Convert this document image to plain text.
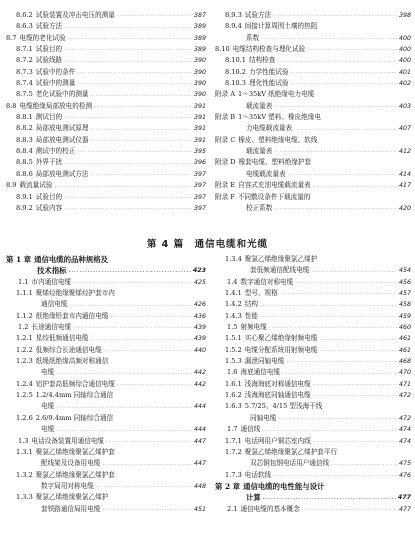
8.6.2 试验装置及冲击电压的测量 ·····	387
8.6.3 试验方法 ·····	389
8.7 电缆的老化试验 ·····	389
8.7.1 试验目的 ·····	389
8.7.2 试验线路 ·····	390
8.7.3 试验中的条件 ·····	390
8.7.4 试验中的测量 ·····	390
8.7.5 老化试验中的测量 ·····	390
8.8 电缆绝缘局部放电的检测 ·····	391
8.8.1 测试目的 ·····	391
8.8.2 局部放电测试原理 ·····	391
8.8.3 局部放电测试仪器 ·····	391
8.8.4 测试中的校正 ·····	395
8.8.5 外界干扰 ·····	396
8.8.6 局部放电测试方法 ·····	397
8.9 载流量试验 ·····	397
8.9.1 试验目的 ·····	397
8.9.2 试验内容 ·····	397
8.9.3 试验方法 ·····	398
8.9.4 间接计算周围土壤的热阻
系数 ·····	400
8.10 电缆结构检查与理化试验 ·····	400
8.10.1 结构检查 ·····	400
8.10.2 力学性能试验 ·····	401
8.10.3 理化性能试验 ·····	402
附录 A 1～35kV 纸绝缘电力电缆
载流量表 ·····	403
附录 B 1～35kV 塑料、橡皮绝缘电
力电缆载流量表 ·····	407
附录 C 橡皮、塑料绝缘电缆、软线
载流量表 ·····	412
附录 D 橡套电缆、塑料绝缘护套
电缆载流量表 ·····	414
附录 E 自容式充油电缆载流量表 ·····	417
附录 F 不同敷设条件下载流量的
校正系数 ·····	420
第 4 篇　通信电缆和光缆
第 1 章 通信电缆的品种规格及
技术指标 ·····	423
1.1 市内通信电缆 ·····	425
1.1.1 聚烯烃绝缘聚烯烃护套市内
通信电缆 ·····	426
1.1.2 纸绝缘铅套市内通信电缆 ·····	436
1.2 长途通信电缆 ·····	439
1.2.1 星绞低频通信电缆 ·····	439
1.2.2 低频综合长途通信电缆 ·····	440
1.2.3 纸绳纸绝缘高频对称通信
电缆 ·····	442
1.2.4 铝护套高低频综合通信电缆 ·····	442
1.2.5 1.2/4.4mm 同轴综合通信
电缆 ·····	444
1.2.6 2.6/9.4mm 同轴综合通信
电缆 ·····	444
1.3 电话设备装置用通信电缆 ·····	447
1.3.1 聚氯乙烯绝缘聚氯乙烯护套
配线架及设备用电缆 ·····	447
1.3.2 聚氯乙烯绝缘聚氯乙烯护套
数字局用对称电缆 ·····	448
1.3.3 聚氯乙烯绝缘聚氯乙烯护
套铁路通信局用电缆 ·····	451
1.3.4 聚氯乙烯绝缘聚氯乙烯护
套低频通信配线电缆 ·····	454
1.4 数字通信对称电缆 ·····	456
1.4.1 型号、规格 ·····	457
1.4.2 结构 ·····	458
1.4.3 性能 ·····	459
1.5 射频电缆 ·····	460
1.5.1 实心聚乙烯绝缘射频电缆 ·····	461
1.5.2 电缆分配系统用射频电缆 ·····	461
1.5.3 漏泄同轴电缆 ·····	468
1.6 海底通信电缆 ·····	470
1.6.1 浅海海底对称通信电缆 ·····	471
1.6.2 浅海海底同轴通信电缆 ·····	472
1.6.3 5.7/25、4/15 型浅海干线
同轴电缆 ·····	472
1.7 通信线 ·····	474
1.7.1 电话网用户铜芯室内线 ·····	474
1.7.2 聚氯乙烯绝缘聚氯乙烯护套平行
双芯铜包钢电话用户通信线 ·····	475
1.7.3 电话软线 ·····	476
第 2 章 通信电缆的电性能与设计
计算 ·····	477
2.1 通信电缆的基本概念 ·····	477
